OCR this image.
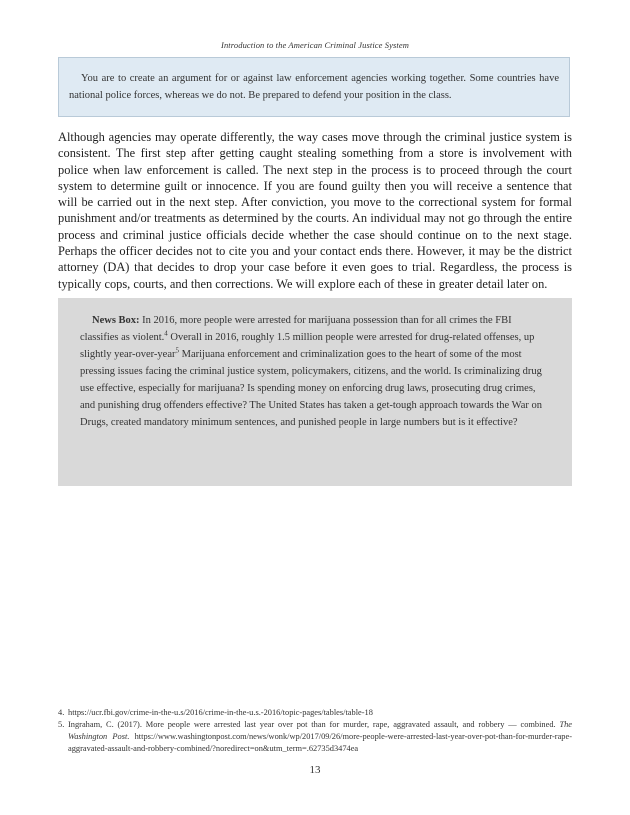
Introduction to the American Criminal Justice System

You are to create an argument for or against law enforcement agencies working together. Some countries have national police forces, whereas we do not. Be prepared to defend your position in the class.

Although agencies may operate differently, the way cases move through the criminal justice system is consistent. The first step after getting caught stealing something from a store is involvement with police when law enforcement is called. The next step in the process is to proceed through the court system to determine guilt or innocence. If you are found guilty then you will receive a sentence that will be carried out in the next step. After conviction, you move to the correctional system for formal punishment and/or treatments as determined by the courts. An individual may not go through the entire process and criminal justice officials decide whether the case should continue on to the next stage. Perhaps the officer decides not to cite you and your contact ends there. However, it may be the district attorney (DA) that decides to drop your case before it even goes to trial. Regardless, the process is typically cops, courts, and then corrections. We will explore each of these in greater detail later on.

News Box: In 2016, more people were arrested for marijuana possession than for all crimes the FBI classifies as violent.$^4$ Overall in 2016, roughly 1.5 million people were arrested for drug-related offenses, up slightly year-over-year$^5$ Marijuana enforcement and criminalization goes to the heart of some of the most pressing issues facing the criminal justice system, policymakers, citizens, and the world. Is criminalizing drug use effective, especially for marijuana? Is spending money on enforcing drug laws, prosecuting drug crimes, and punishing drug offenders effective? The United States has taken a get-tough approach towards the War on Drugs, created mandatory minimum sentences, and punished people in large numbers but is it effective?

4. https://ucr.fbi.gov/crime-in-the-u.s/2016/crime-in-the-u.s.-2016/topic-pages/tables/table-18
5. Ingraham, C. (2017). More people were arrested last year over pot than for murder, rape, aggravated assault, and robbery — combined. The Washington Post. https://www.washingtonpost.com/news/wonk/wp/2017/09/26/more-people-were-arrested-last-year-over-pot-than-for-murder-rape-aggravated-assault-and-robbery-combined/?noredirect=on&utm_term=.62735d3474ea
13
